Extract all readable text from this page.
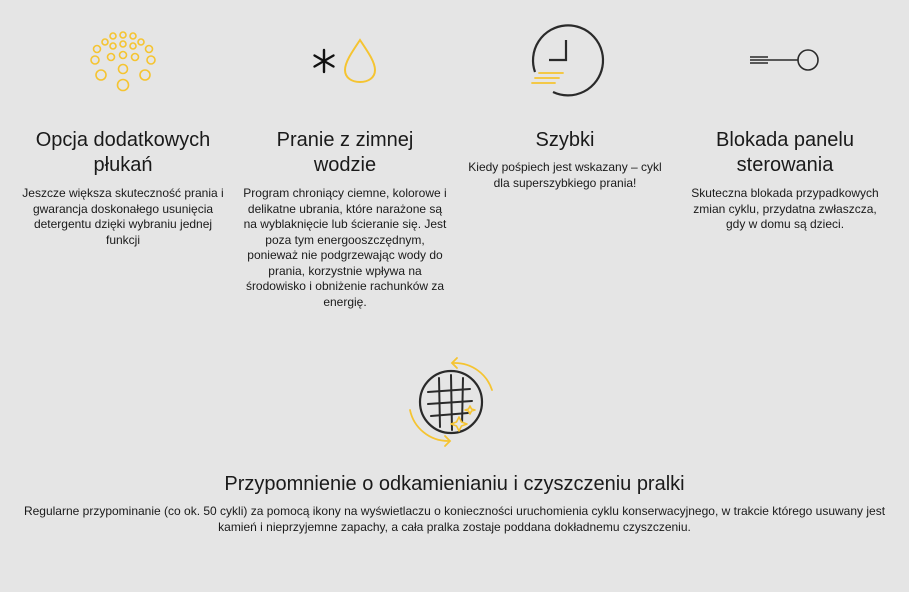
Opcja dodatkowych płukań

Jeszcze większa skuteczność prania i gwarancja doskonałego usunięcia detergentu dzięki wybraniu jednej funkcji

Pranie z zimnej wodzie

Program chroniący ciemne, kolorowe i delikatne ubrania, które narażone są na wyblaknięcie lub ścieranie się. Jest poza tym energooszczędnym, ponieważ nie podgrzewając wody do prania, korzystnie wpływa na środowisko i obniżenie rachunków za energię.

Szybki

Kiedy pośpiech jest wskazany – cykl dla superszybkiego prania!

Blokada panelu sterowania

Skuteczna blokada przypadkowych zmian cyklu, przydatna zwłaszcza, gdy w domu są dzieci.

Przypomnienie o odkamienianiu i czyszczeniu pralki

Regularne przypominanie (co ok. 50 cykli) za pomocą ikony na wyświetlaczu o konieczności uruchomienia cyklu konserwacyjnego, w trakcie którego usuwany jest kamień i nieprzyjemne zapachy, a cała pralka zostaje poddana dokładnemu czyszczeniu.
